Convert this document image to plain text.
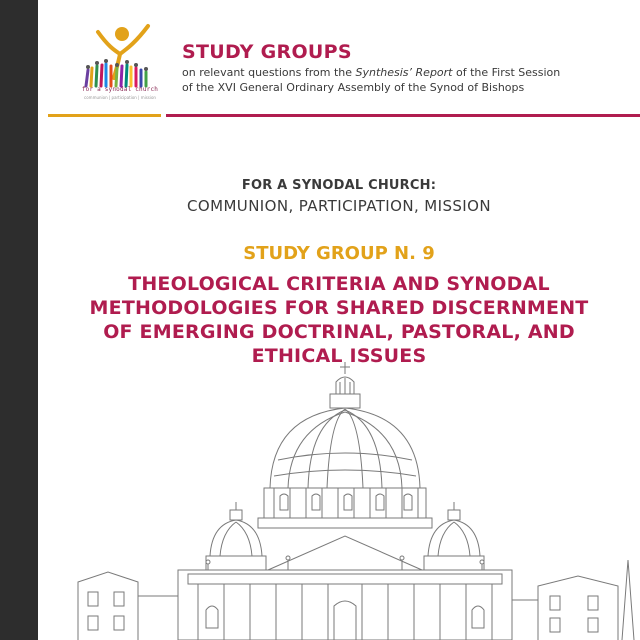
for a synodal church
communion | participation | mission
STUDY GROUPS
on relevant questions from the Synthesis’ Report of the First Session
of the XVI General Ordinary Assembly of the Synod of Bishops
FOR A SYNODAL CHURCH:
COMMUNION, PARTICIPATION, MISSION
STUDY GROUP N. 9
THEOLOGICAL CRITERIA AND SYNODAL
METHODOLOGIES FOR SHARED DISCERNMENT
OF EMERGING DOCTRINAL, PASTORAL, AND
ETHICAL ISSUES
